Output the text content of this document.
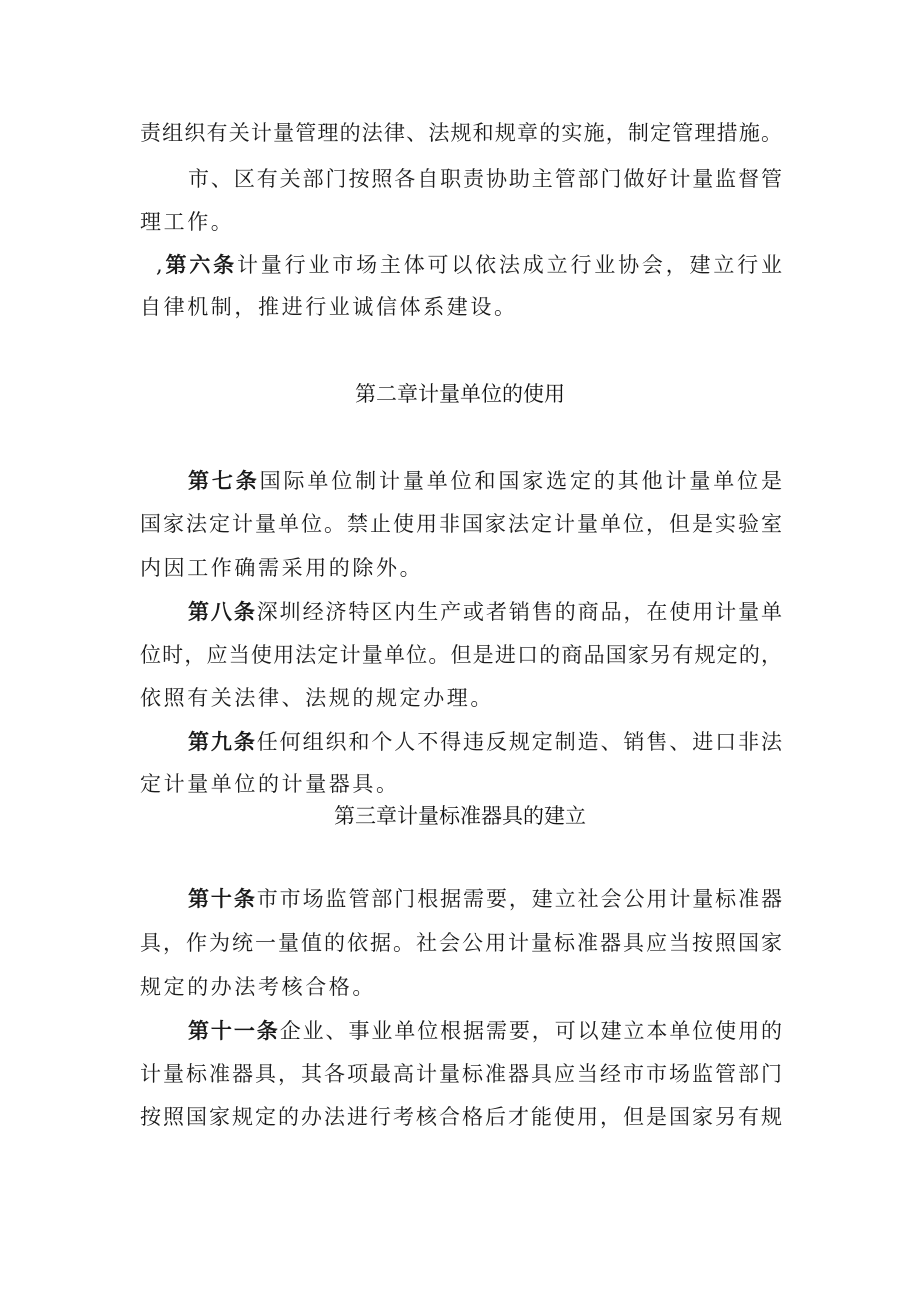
责组织有关计量管理的法律、法规和规章的实施，制定管理措施。
市、区有关部门按照各自职责协助主管部门做好计量监督管
理工作。
,第六条计量行业市场主体可以依法成立行业协会，建立行业
自律机制，推进行业诚信体系建设。
第二章计量单位的使用
第七条国际单位制计量单位和国家选定的其他计量单位是
国家法定计量单位。禁止使用非国家法定计量单位，但是实验室
内因工作确需采用的除外。
第八条深圳经济特区内生产或者销售的商品，在使用计量单
位时，应当使用法定计量单位。但是进口的商品国家另有规定的，
依照有关法律、法规的规定办理。
第九条任何组织和个人不得违反规定制造、销售、进口非法
定计量单位的计量器具。
第三章计量标准器具的建立
第十条市市场监管部门根据需要，建立社会公用计量标准器
具，作为统一量值的依据。社会公用计量标准器具应当按照国家
规定的办法考核合格。
第十一条企业、事业单位根据需要，可以建立本单位使用的
计量标准器具，其各项最高计量标准器具应当经市市场监管部门
按照国家规定的办法进行考核合格后才能使用，但是国家另有规
